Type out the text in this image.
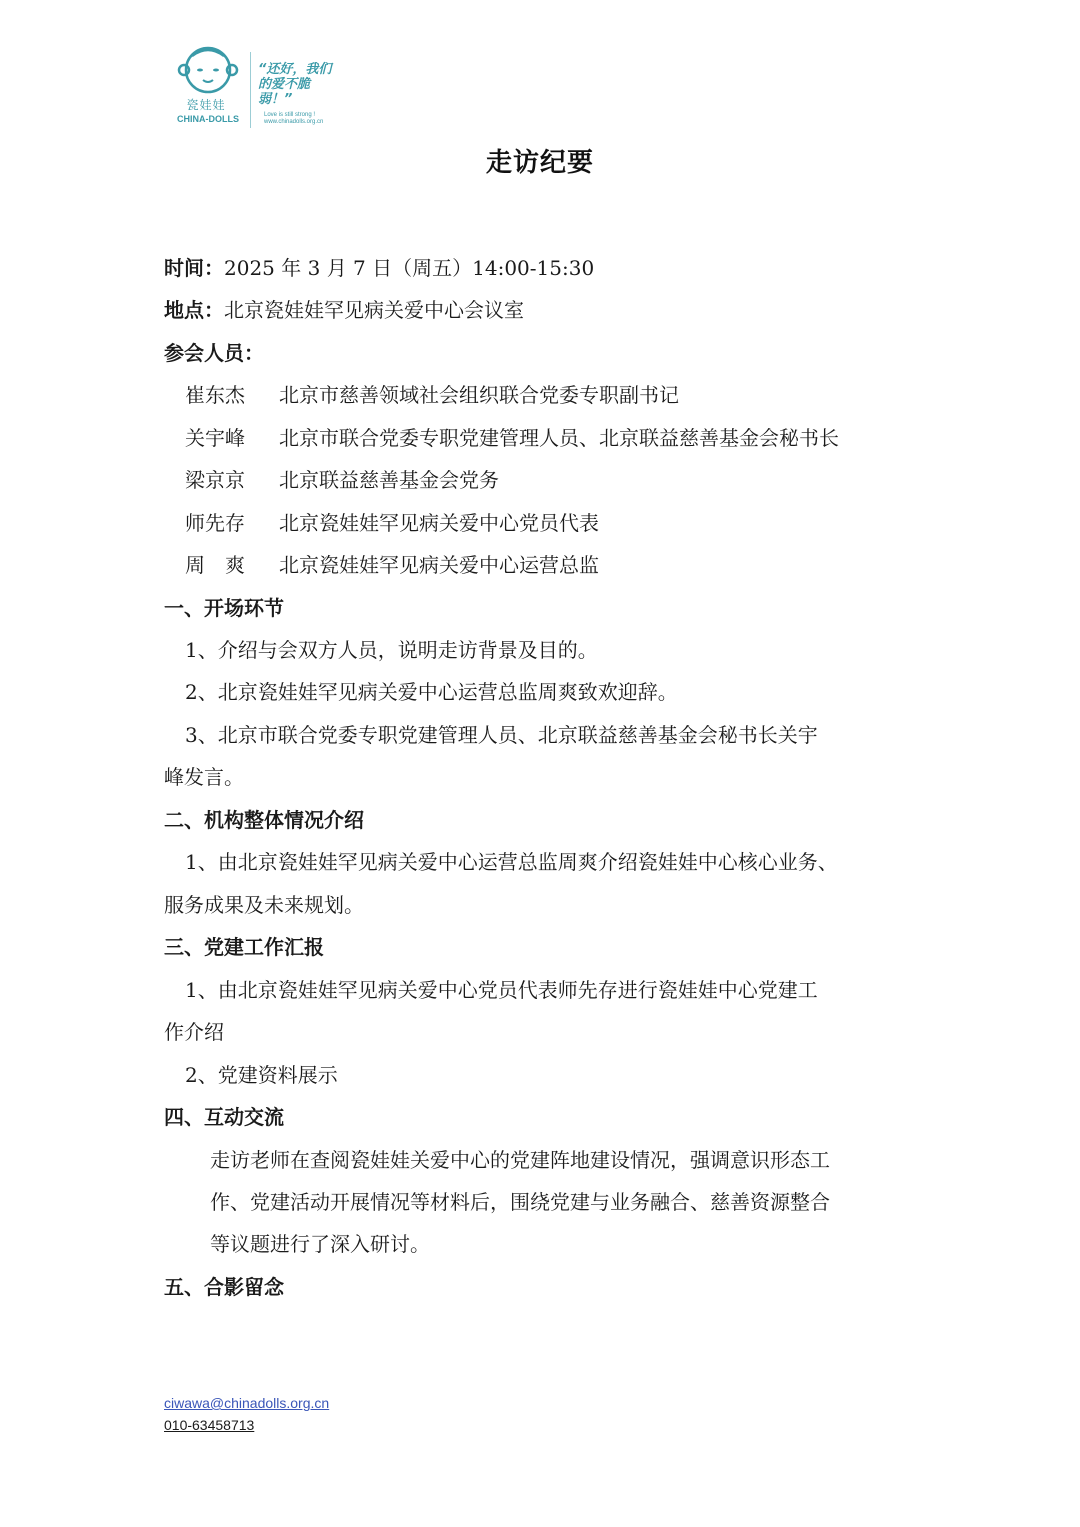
瓷娃娃
CHINA-DOLLS
“还好，我们的爱不脆弱！”
Love is still strong !
www.chinadolls.org.cn
走访纪要
时间：2025 年 3 月 7 日（周五）14:00-15:30
地点：北京瓷娃娃罕见病关爱中心会议室
参会人员：
崔东杰 北京市慈善领域社会组织联合党委专职副书记
关宇峰 北京市联合党委专职党建管理人员、北京联益慈善基金会秘书长
梁京京 北京联益慈善基金会党务
师先存 北京瓷娃娃罕见病关爱中心党员代表
周　爽 北京瓷娃娃罕见病关爱中心运营总监
一、开场环节
1、介绍与会双方人员，说明走访背景及目的。
2、北京瓷娃娃罕见病关爱中心运营总监周爽致欢迎辞。
3、北京市联合党委专职党建管理人员、北京联益慈善基金会秘书长关宇
峰发言。
二、机构整体情况介绍
1、由北京瓷娃娃罕见病关爱中心运营总监周爽介绍瓷娃娃中心核心业务、
服务成果及未来规划。
三、党建工作汇报
1、由北京瓷娃娃罕见病关爱中心党员代表师先存进行瓷娃娃中心党建工
作介绍
2、党建资料展示
四、互动交流
走访老师在查阅瓷娃娃关爱中心的党建阵地建设情况，强调意识形态工
作、党建活动开展情况等材料后，围绕党建与业务融合、慈善资源整合
等议题进行了深入研讨。
五、合影留念
ciwawa@chinadolls.org.cn
010-63458713
